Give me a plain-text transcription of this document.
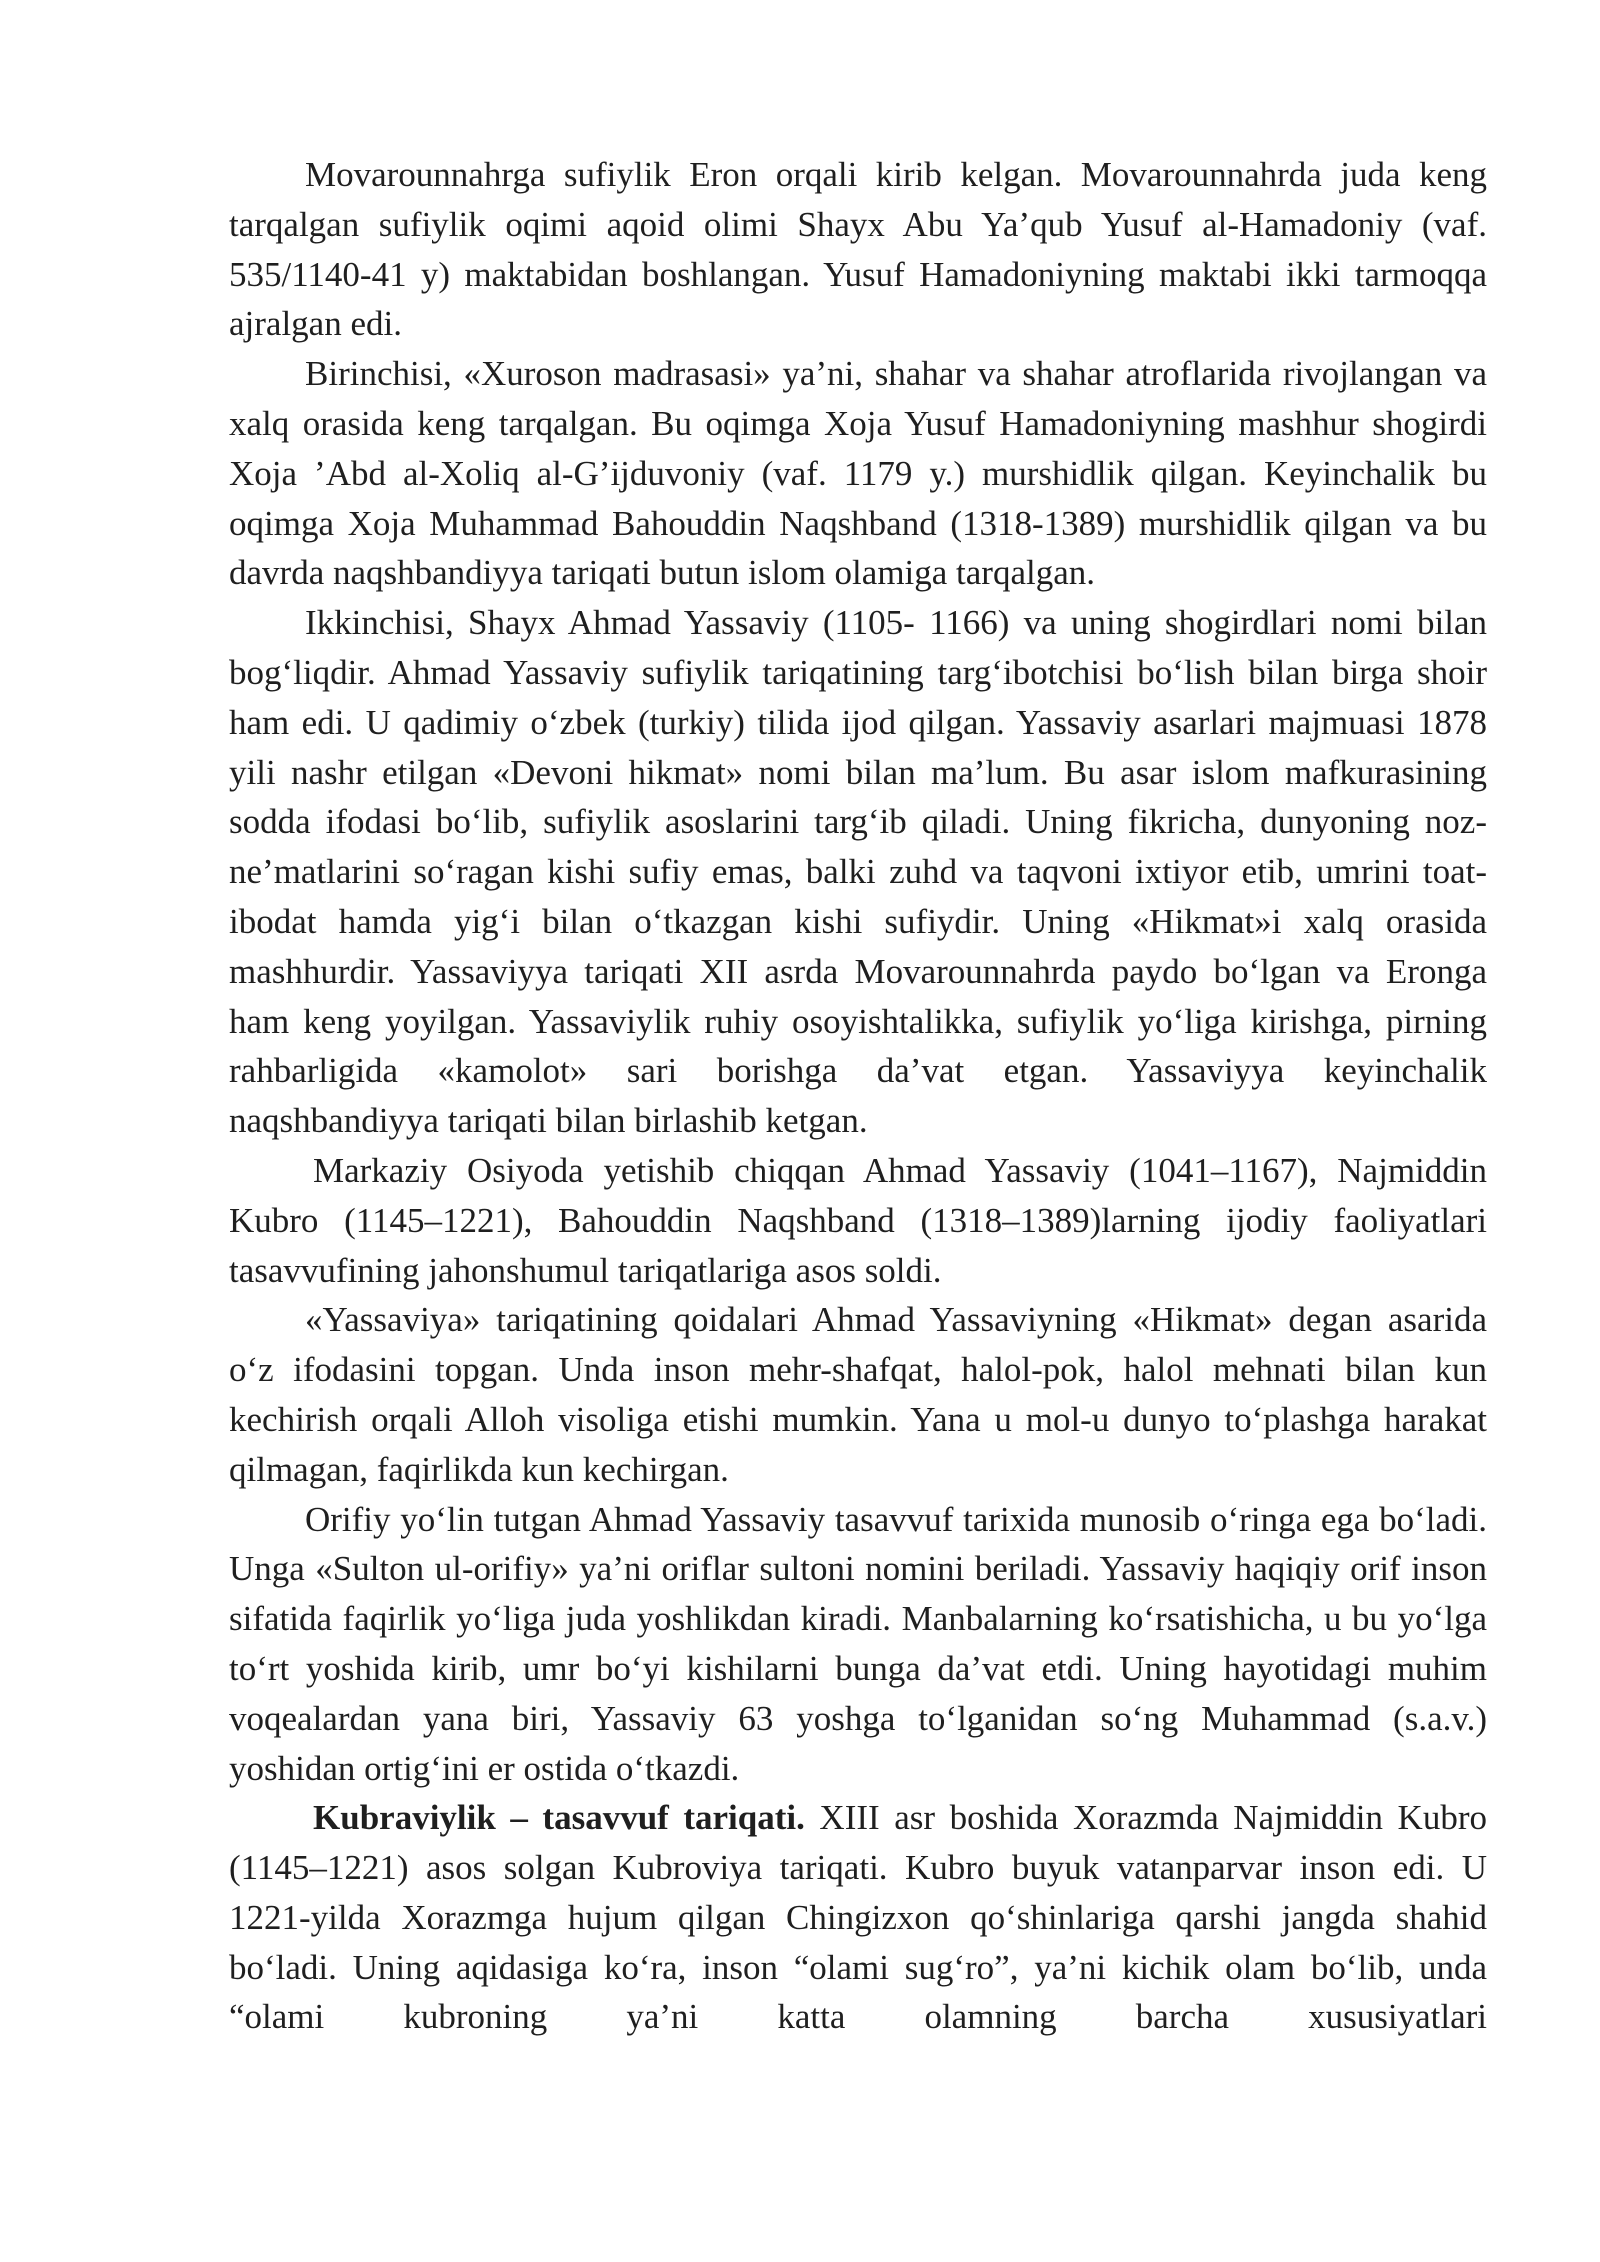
Movarounnahrga sufiylik Eron orqali kirib kelgan. Movarounnahrda juda keng tarqalgan sufiylik oqimi aqoid olimi Shayx Abu Ya’qub Yusuf al-Hamadoniy (vaf. 535/1140-41 y) maktabidan boshlangan. Yusuf Hamadoniyning maktabi ikki tarmoqqa ajralgan edi.

Birinchisi, «Xuroson madrasasi» ya’ni, shahar va shahar atroflarida rivojlangan va xalq orasida keng tarqalgan. Bu oqimga Xoja Yusuf Hamadoniyning mashhur shogirdi Xoja ’Abd al-Xoliq al-G’ijduvoniy (vaf. 1179 y.) murshidlik qilgan. Keyinchalik bu oqimga Xoja Muhammad Bahouddin Naqshband (1318-1389) murshidlik qilgan va bu davrda naqshbandiyya tariqati butun islom olamiga tarqalgan.

Ikkinchisi, Shayx Ahmad Yassaviy (1105- 1166) va uning shogirdlari nomi bilan bog‘liqdir. Ahmad Yassaviy sufiylik tariqatining targ‘ibotchisi bo‘lish bilan birga shoir ham edi. U qadimiy o‘zbek (turkiy) tilida ijod qilgan. Yassaviy asarlari majmuasi 1878 yili nashr etilgan «Devoni hikmat» nomi bilan ma’lum. Bu asar islom mafkurasining sodda ifodasi bo‘lib, sufiylik asoslarini targ‘ib qiladi. Uning fikricha, dunyoning noz-ne’matlarini so‘ragan kishi sufiy emas, balki zuhd va taqvoni ixtiyor etib, umrini toat-ibodat hamda yig‘i bilan o‘tkazgan kishi sufiydir. Uning «Hikmat»i xalq orasida mashhurdir. Yassaviyya tariqati XII asrda Movarounnahrda paydo bo‘lgan va Eronga ham keng yoyilgan. Yassaviylik ruhiy osoyishtalikka, sufiylik yo‘liga kirishga, pirning rahbarligida «kamolot» sari borishga da’vat etgan. Yassaviyya keyinchalik naqshbandiyya tariqati bilan birlashib ketgan.

Markaziy Osiyoda yetishib chiqqan Ahmad Yassaviy (1041–1167), Najmiddin Kubro (1145–1221), Bahouddin Naqshband (1318–1389)larning ijodiy faoliyatlari tasavvufining jahonshumul tariqatlariga asos soldi.

«Yassaviya» tariqatining qoidalari Ahmad Yassaviyning «Hikmat» degan asarida o‘z ifodasini topgan. Unda inson mehr-shafqat, halol-pok, halol mehnati bilan kun kechirish orqali Alloh visoliga etishi mumkin. Yana u mol-u dunyo to‘plashga harakat qilmagan, faqirlikda kun kechirgan.

Orifiy yo‘lin tutgan Ahmad Yassaviy tasavvuf tarixida munosib o‘ringa ega bo‘ladi. Unga «Sulton ul-orifiy» ya’ni oriflar sultoni nomini beriladi. Yassaviy haqiqiy orif inson sifatida faqirlik yo‘liga juda yoshlikdan kiradi. Manbalarning ko‘rsatishicha, u bu yo‘lga to‘rt yoshida kirib, umr bo‘yi kishilarni bunga da’vat etdi. Uning hayotidagi muhim voqealardan yana biri, Yassaviy 63 yoshga to‘lganidan so‘ng Muhammad (s.a.v.) yoshidan ortig‘ini er ostida o‘tkazdi.

Kubraviylik – tasavvuf tariqati. XIII asr boshida Xorazmda Najmiddin Kubro (1145–1221) asos solgan Kubroviya tariqati. Kubro buyuk vatanparvar inson edi. U 1221-yilda Xorazmga hujum qilgan Chingizxon qo‘shinlariga qarshi jangda shahid bo‘ladi. Uning aqidasiga ko‘ra, inson “olami sug‘ro”, ya’ni kichik olam bo‘lib, unda “olami kubroning ya’ni katta olamning barcha xususiyatlari
